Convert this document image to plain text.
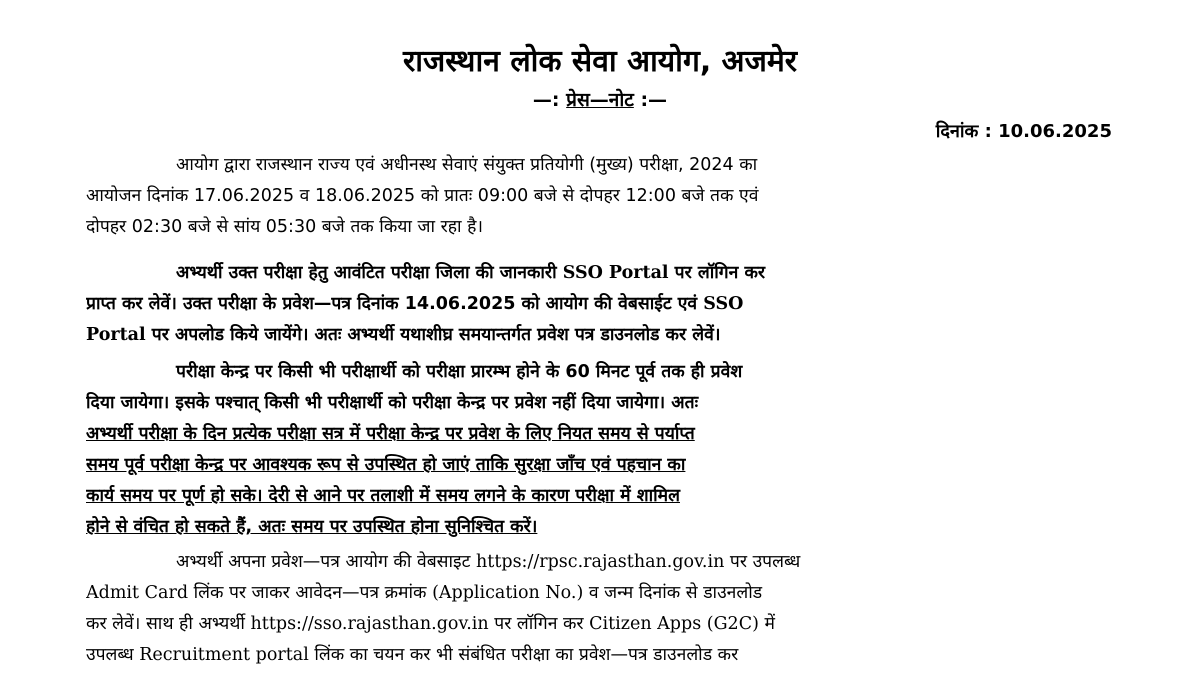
राजस्थान लोक सेवा आयोग, अजमेर
—: प्रेस—नोट :—
दिनांक : 10.06.2025
आयोग द्वारा राजस्थान राज्य एवं अधीनस्थ सेवाएं संयुक्त प्रतियोगी (मुख्य) परीक्षा, 2024 का
आयोजन दिनांक 17.06.2025 व 18.06.2025 को प्रातः 09:00 बजे से दोपहर 12:00 बजे तक एवं
दोपहर 02:30 बजे से सांय 05:30 बजे तक किया जा रहा है।
अभ्यर्थी उक्त परीक्षा हेतु आवंटित परीक्षा जिला की जानकारी SSO Portal पर लॉगिन कर
प्राप्त कर लेवें। उक्त परीक्षा के प्रवेश—पत्र दिनांक 14.06.2025 को आयोग की वेबसाईट एवं SSO
Portal पर अपलोड किये जायेंगे। अतः अभ्यर्थी यथाशीघ्र समयान्तर्गत प्रवेश पत्र डाउनलोड कर लेवें।
परीक्षा केन्द्र पर किसी भी परीक्षार्थी को परीक्षा प्रारम्भ होने के 60 मिनट पूर्व तक ही प्रवेश
दिया जायेगा। इसके पश्चात् किसी भी परीक्षार्थी को परीक्षा केन्द्र पर प्रवेश नहीं दिया जायेगा। अतः
अभ्यर्थी परीक्षा के दिन प्रत्येक परीक्षा सत्र में परीक्षा केन्द्र पर प्रवेश के लिए नियत समय से पर्याप्त
समय पूर्व परीक्षा केन्द्र पर आवश्यक रूप से उपस्थित हो जाएं ताकि सुरक्षा जाँच एवं पहचान का
कार्य समय पर पूर्ण हो सके। देरी से आने पर तलाशी में समय लगने के कारण परीक्षा में शामिल
होने से वंचित हो सकते हैं, अतः समय पर उपस्थित होना सुनिश्चित करें।
अभ्यर्थी अपना प्रवेश—पत्र आयोग की वेबसाइट https://rpsc.rajasthan.gov.in पर उपलब्ध
Admit Card लिंक पर जाकर आवेदन—पत्र क्रमांक (Application No.) व जन्म दिनांक से डाउनलोड
कर लेवें। साथ ही अभ्यर्थी https://sso.rajasthan.gov.in पर लॉगिन कर Citizen Apps (G2C) में
उपलब्ध Recruitment portal लिंक का चयन कर भी संबंधित परीक्षा का प्रवेश—पत्र डाउनलोड कर
